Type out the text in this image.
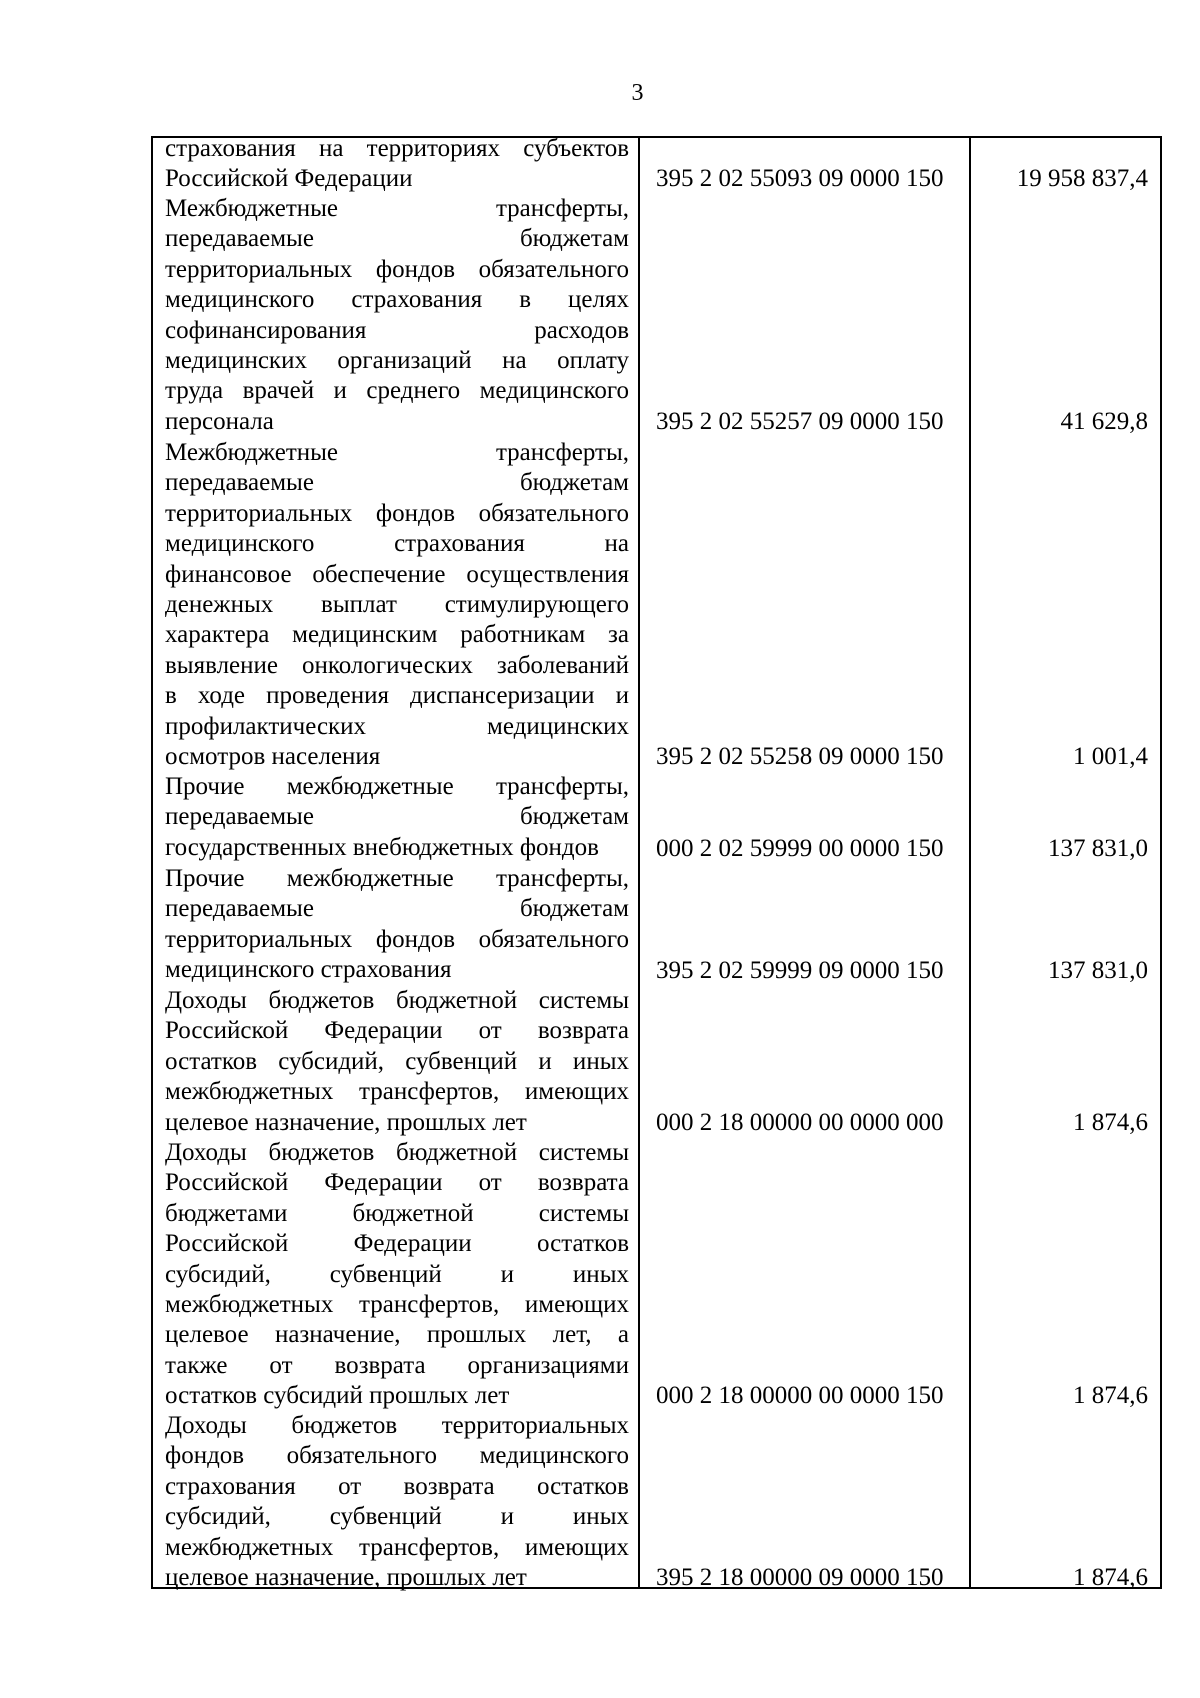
3
страхования на территориях субъектов
Российской Федерации	395 2 02 55093 09 0000 150	19 958 837,4
Межбюджетные трансферты,
передаваемые бюджетам
территориальных фондов обязательного
медицинского страхования в целях
софинансирования расходов
медицинских организаций на оплату
труда врачей и среднего медицинского
персонала	395 2 02 55257 09 0000 150	41 629,8
Межбюджетные трансферты,
передаваемые бюджетам
территориальных фондов обязательного
медицинского страхования на
финансовое обеспечение осуществления
денежных выплат стимулирующего
характера медицинским работникам за
выявление онкологических заболеваний
в ходе проведения диспансеризации и
профилактических медицинских
осмотров населения	395 2 02 55258 09 0000 150	1 001,4
Прочие межбюджетные трансферты,
передаваемые бюджетам
государственных внебюджетных фондов	000 2 02 59999 00 0000 150	137 831,0
Прочие межбюджетные трансферты,
передаваемые бюджетам
территориальных фондов обязательного
медицинского страхования	395 2 02 59999 09 0000 150	137 831,0
Доходы бюджетов бюджетной системы
Российской Федерации от возврата
остатков субсидий, субвенций и иных
межбюджетных трансфертов, имеющих
целевое назначение, прошлых лет	000 2 18 00000 00 0000 000	1 874,6
Доходы бюджетов бюджетной системы
Российской Федерации от возврата
бюджетами бюджетной системы
Российской Федерации остатков
субсидий, субвенций и иных
межбюджетных трансфертов, имеющих
целевое назначение, прошлых лет, а
также от возврата организациями
остатков субсидий прошлых лет	000 2 18 00000 00 0000 150	1 874,6
Доходы бюджетов территориальных
фондов обязательного медицинского
страхования от возврата остатков
субсидий, субвенций и иных
межбюджетных трансфертов, имеющих
целевое назначение, прошлых лет	395 2 18 00000 09 0000 150	1 874,6
